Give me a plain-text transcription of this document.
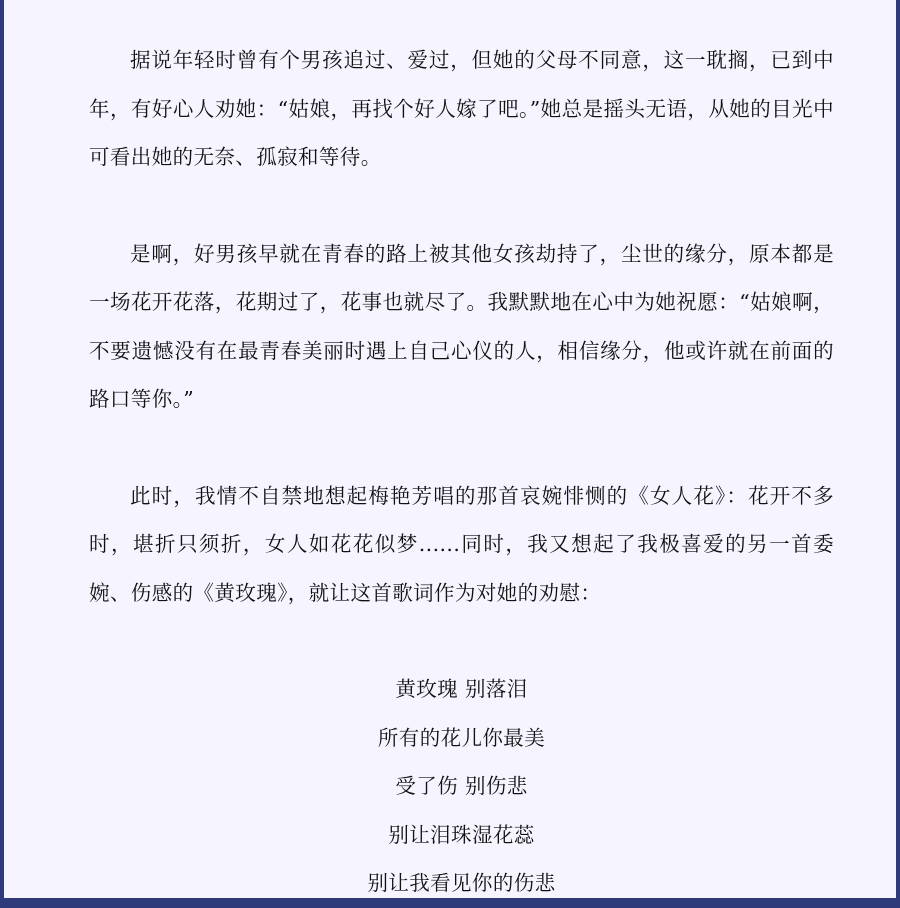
据说年轻时曾有个男孩追过、爱过，但她的父母不同意，这一耽搁，已到中年，有好心人劝她：“姑娘，再找个好人嫁了吧。”她总是摇头无语，从她的目光中可看出她的无奈、孤寂和等待。

是啊，好男孩早就在青春的路上被其他女孩劫持了，尘世的缘分，原本都是一场花开花落，花期过了，花事也就尽了。我默默地在心中为她祝愿：“姑娘啊，不要遗憾没有在最青春美丽时遇上自己心仪的人，相信缘分，他或许就在前面的路口等你。”

此时，我情不自禁地想起梅艳芳唱的那首哀婉悱恻的《女人花》：花开不多时，堪折只须折，女人如花花似梦......同时，我又想起了我极喜爱的另一首委婉、伤感的《黄玫瑰》，就让这首歌词作为对她的劝慰：

黄玫瑰 别落泪
所有的花儿你最美
受了伤 别伤悲
别让泪珠湿花蕊
别让我看见你的伤悲
